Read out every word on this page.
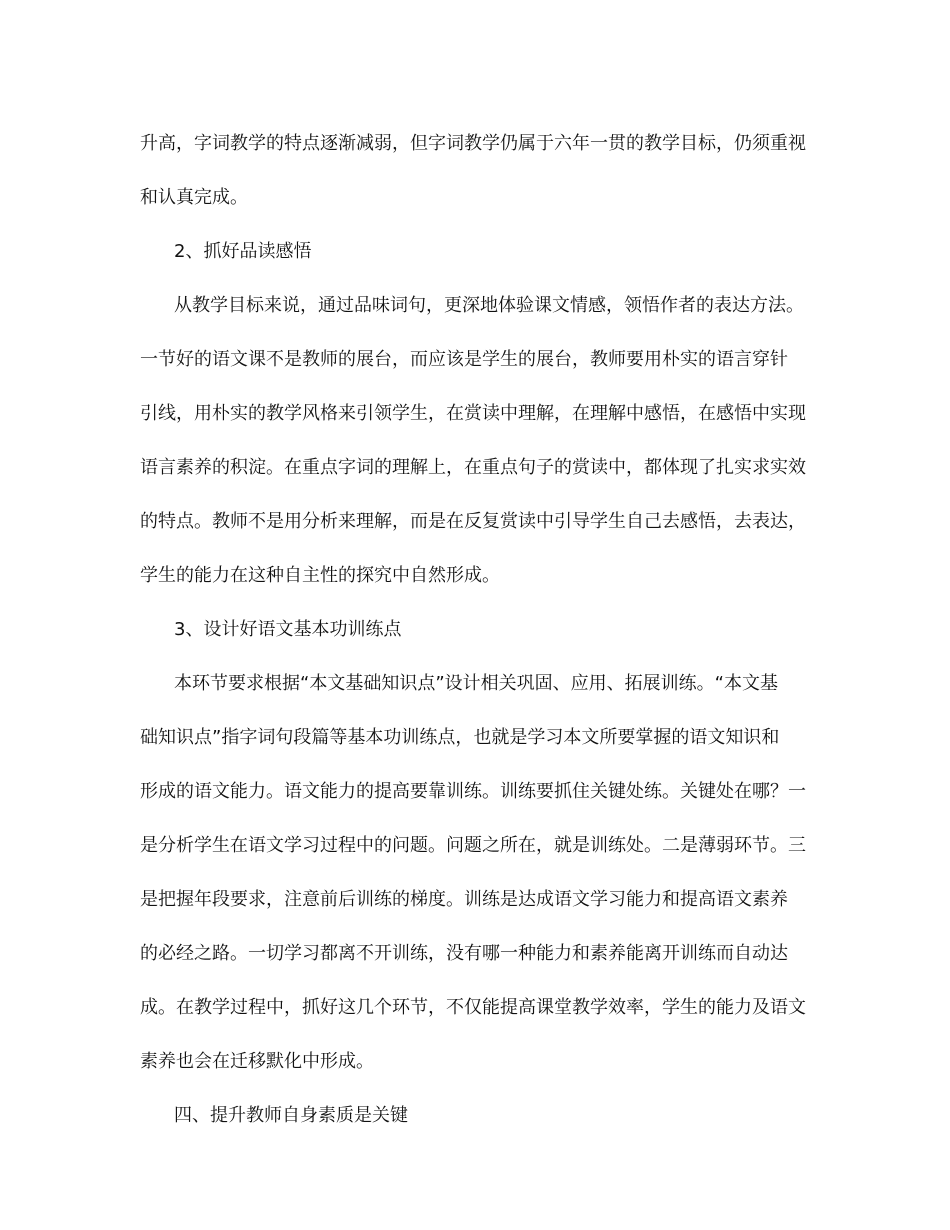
升高，字词教学的特点逐渐减弱，但字词教学仍属于六年一贯的教学目标，仍须重视
和认真完成。
2、抓好品读感悟
从教学目标来说，通过品味词句，更深地体验课文情感，领悟作者的表达方法。
一节好的语文课不是教师的展台，而应该是学生的展台，教师要用朴实的语言穿针
引线，用朴实的教学风格来引领学生，在赏读中理解，在理解中感悟，在感悟中实现
语言素养的积淀。在重点字词的理解上，在重点句子的赏读中，都体现了扎实求实效
的特点。教师不是用分析来理解，而是在反复赏读中引导学生自己去感悟，去表达，
学生的能力在这种自主性的探究中自然形成。
3、设计好语文基本功训练点
本环节要求根据“本文基础知识点”设计相关巩固、应用、拓展训练。“本文基
础知识点”指字词句段篇等基本功训练点，也就是学习本文所要掌握的语文知识和
形成的语文能力。语文能力的提高要靠训练。训练要抓住关键处练。关键处在哪？一
是分析学生在语文学习过程中的问题。问题之所在，就是训练处。二是薄弱环节。三
是把握年段要求，注意前后训练的梯度。训练是达成语文学习能力和提高语文素养
的必经之路。一切学习都离不开训练，没有哪一种能力和素养能离开训练而自动达
成。在教学过程中，抓好这几个环节，不仅能提高课堂教学效率，学生的能力及语文
素养也会在迁移默化中形成。
四、提升教师自身素质是关键
